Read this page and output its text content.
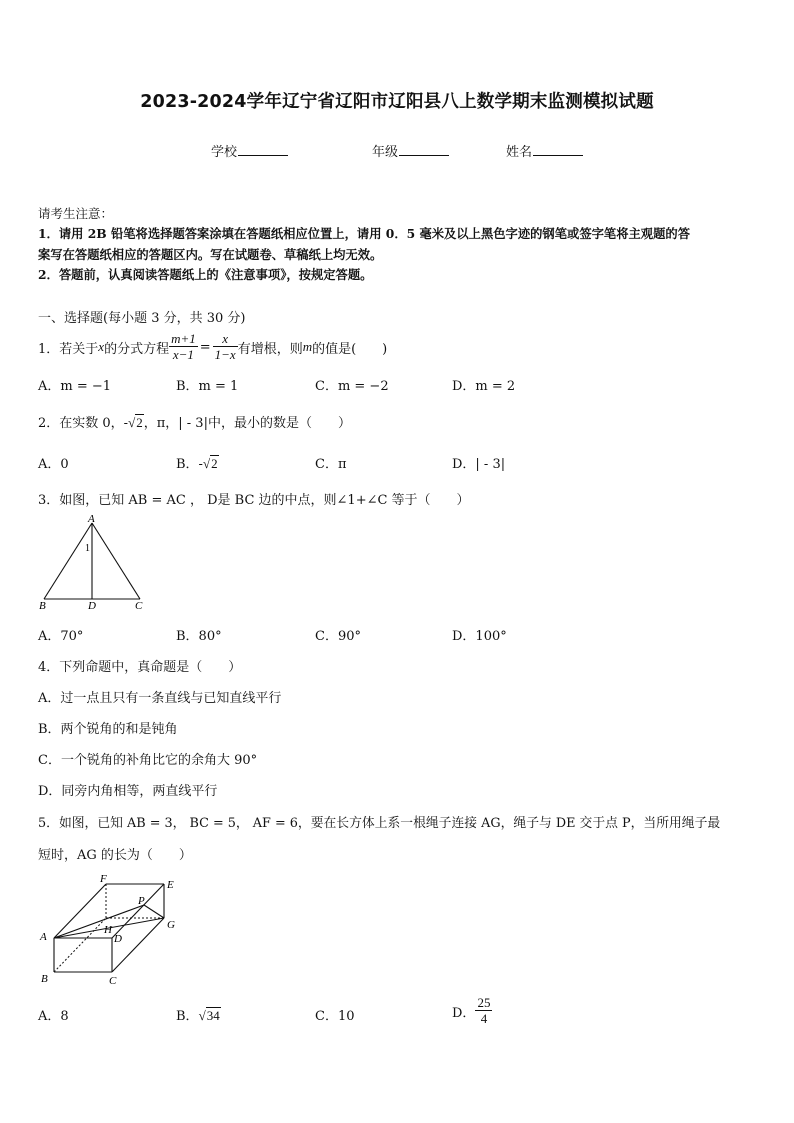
2023-2024学年辽宁省辽阳市辽阳县八上数学期末监测模拟试题
学校	年级	姓名
请考生注意：
1．请用 2B 铅笔将选择题答案涂填在答题纸相应位置上，请用 0．5 毫米及以上黑色字迹的钢笔或签字笔将主观题的答
案写在答题纸相应的答题区内。写在试题卷、草稿纸上均无效。
2．答题前，认真阅读答题纸上的《注意事项》，按规定答题。
一、选择题(每小题 3 分，共 30 分)
1．若关于 x 的分式方程 $\frac{m+1}{x-1} = \frac{x}{1-x}$ 有增根，则 m 的值是(　　)
A．m = −1	B．m = 1	C．m = −2	D．m = 2
2．在实数 0，-√2，π，| - 3|中，最小的数是（　　）
A．0	B．-√2	C．π	D．| - 3|
3．如图，已知 AB = AC ， D是 BC 边的中点，则∠1+∠C 等于（　　）
A
1
B	D	C
A．70°	B．80°	C．90°	D．100°
4．下列命题中，真命题是（　　）
A．过一点且只有一条直线与已知直线平行
B．两个锐角的和是钝角
C．一个锐角的补角比它的余角大 90°
D．同旁内角相等，两直线平行
5．如图，已知 AB = 3， BC = 5， AF = 6，要在长方体上系一根绳子连接 AG，绳子与 DE 交于点 P，当所用绳子最
短时，AG 的长为（　　）
F	E
P
A
H
D
G
B	C
A．8	B．√34	C．10	D． $\frac{25}{4}$
